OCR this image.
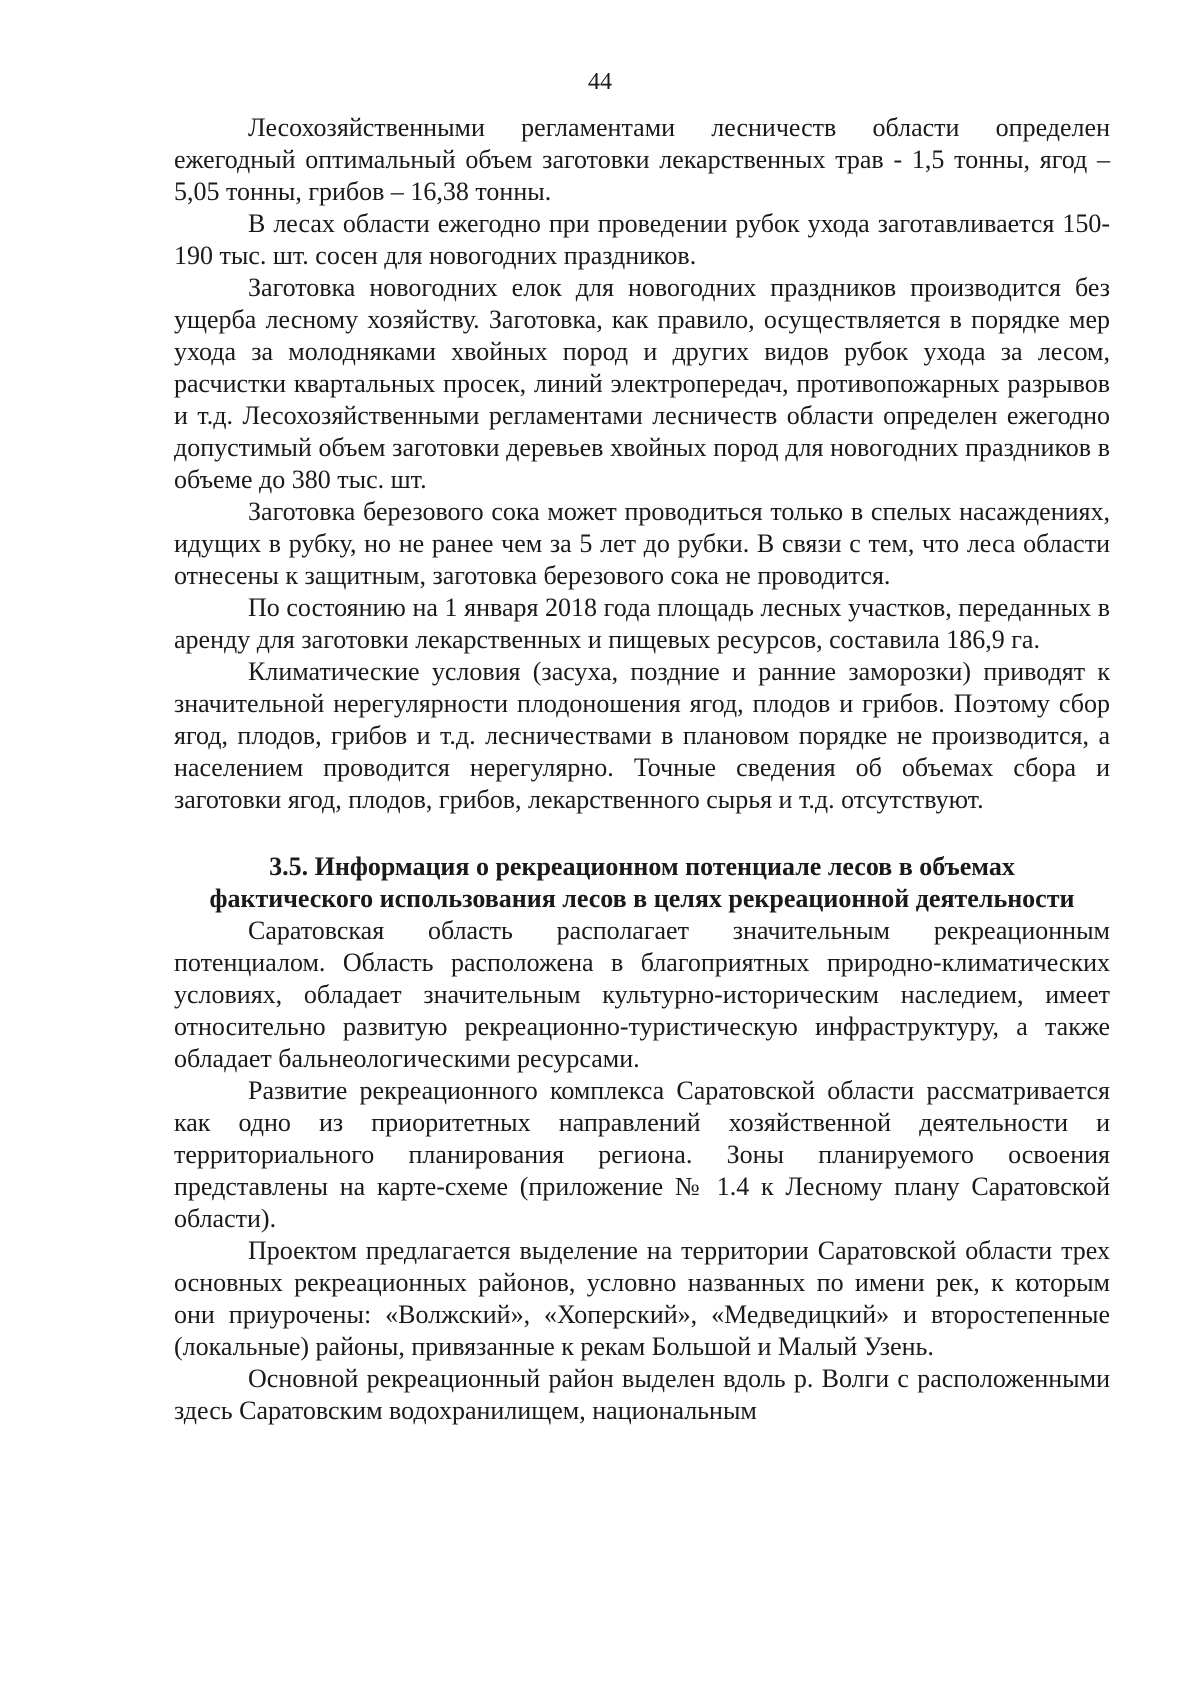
44

Лесохозяйственными регламентами лесничеств области определен ежегодный оптимальный объем заготовки лекарственных трав - 1,5 тонны, ягод – 5,05 тонны, грибов – 16,38 тонны.

В лесах области ежегодно при проведении рубок ухода заготавливается 150-190 тыс. шт. сосен для новогодних праздников.

Заготовка новогодних елок для новогодних праздников производится без ущерба лесному хозяйству. Заготовка, как правило, осуществляется в порядке мер ухода за молодняками хвойных пород и других видов рубок ухода за лесом, расчистки квартальных просек, линий электропередач, противопожарных разрывов и т.д. Лесохозяйственными регламентами лесничеств области определен ежегодно допустимый объем заготовки деревьев хвойных пород для новогодних праздников в объеме до 380 тыс. шт.

Заготовка березового сока может проводиться только в спелых насаждениях, идущих в рубку, но не ранее чем за 5 лет до рубки. В связи с тем, что леса области отнесены к защитным, заготовка березового сока не проводится.

По состоянию на 1 января 2018 года площадь лесных участков, переданных в аренду для заготовки лекарственных и пищевых ресурсов, составила 186,9 га.

Климатические условия (засуха, поздние и ранние заморозки) приводят к значительной нерегулярности плодоношения ягод, плодов и грибов. Поэтому сбор ягод, плодов, грибов и т.д. лесничествами в плановом порядке не производится, а населением проводится нерегулярно. Точные сведения об объемах сбора и заготовки ягод, плодов, грибов, лекарственного сырья и т.д. отсутствуют.

3.5. Информация о рекреационном потенциале лесов в объемах
фактического использования лесов в целях рекреационной деятельности

Саратовская область располагает значительным рекреационным потенциалом. Область расположена в благоприятных природно-климатических условиях, обладает значительным культурно-историческим наследием, имеет относительно развитую рекреационно-туристическую инфраструктуру, а также обладает бальнеологическими ресурсами.

Развитие рекреационного комплекса Саратовской области рассматривается как одно из приоритетных направлений хозяйственной деятельности и территориального планирования региона. Зоны планируемого освоения представлены на карте-схеме (приложение № 1.4 к Лесному плану Саратовской области).

Проектом предлагается выделение на территории Саратовской области трех основных рекреационных районов, условно названных по имени рек, к которым они приурочены: «Волжский», «Хоперский», «Медведицкий» и второстепенные (локальные) районы, привязанные к рекам Большой и Малый Узень.

Основной рекреационный район выделен вдоль р. Волги с расположенными здесь Саратовским водохранилищем, национальным
